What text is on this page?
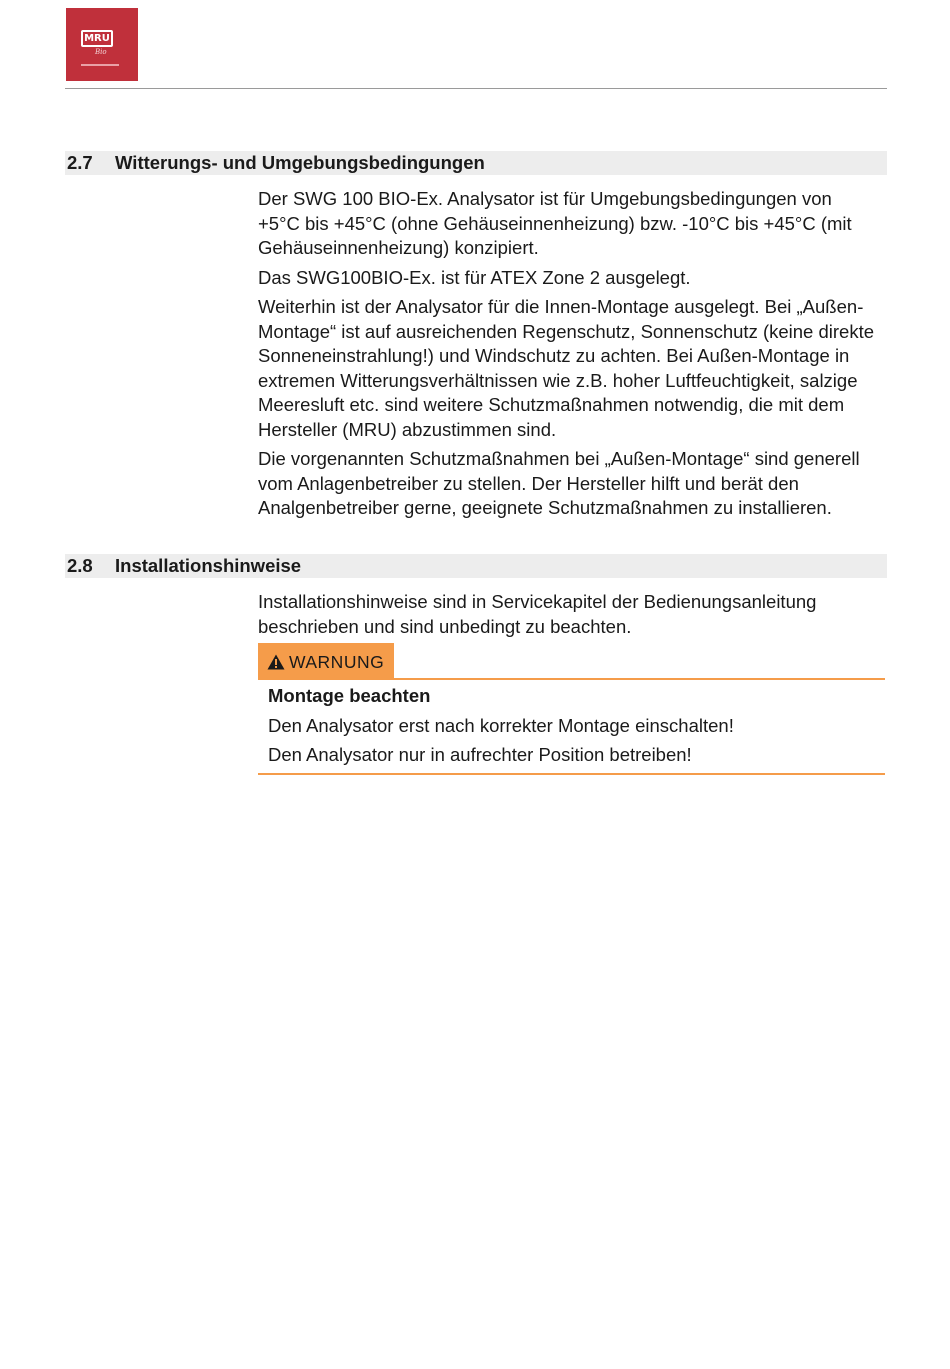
MRU
Bio
2.7 Witterungs- und Umgebungsbedingungen

Der SWG 100 BIO-Ex. Analysator ist für Umgebungsbedingungen von +5°C bis +45°C (ohne Gehäuseinnenheizung) bzw. -10°C bis +45°C (mit Gehäuseinnenheizung) konzipiert.

Das SWG100BIO-Ex. ist für ATEX Zone 2 ausgelegt.

Weiterhin ist der Analysator für die Innen-Montage ausgelegt. Bei „Außen-Montage“ ist auf ausreichenden Regenschutz, Sonnenschutz (keine direkte Sonneneinstrahlung!) und Windschutz zu achten. Bei Außen-Montage in extremen Witterungsverhältnissen wie z.B. hoher Luftfeuchtigkeit, salzige Meeresluft etc. sind weitere Schutzmaßnahmen notwendig, die mit dem Hersteller (MRU) abzustimmen sind.

Die vorgenannten Schutzmaßnahmen bei „Außen-Montage“ sind generell vom Anlagenbetreiber zu stellen. Der Hersteller hilft und berät den Analgenbetreiber gerne, geeignete Schutzmaßnahmen zu installieren.

2.8 Installationshinweise

Installationshinweise sind in Servicekapitel der Bedienungsanleitung beschrieben und sind unbedingt zu beachten.

WARNUNG

Montage beachten

Den Analysator erst nach korrekter Montage einschalten!

Den Analysator nur in aufrechter Position betreiben!
